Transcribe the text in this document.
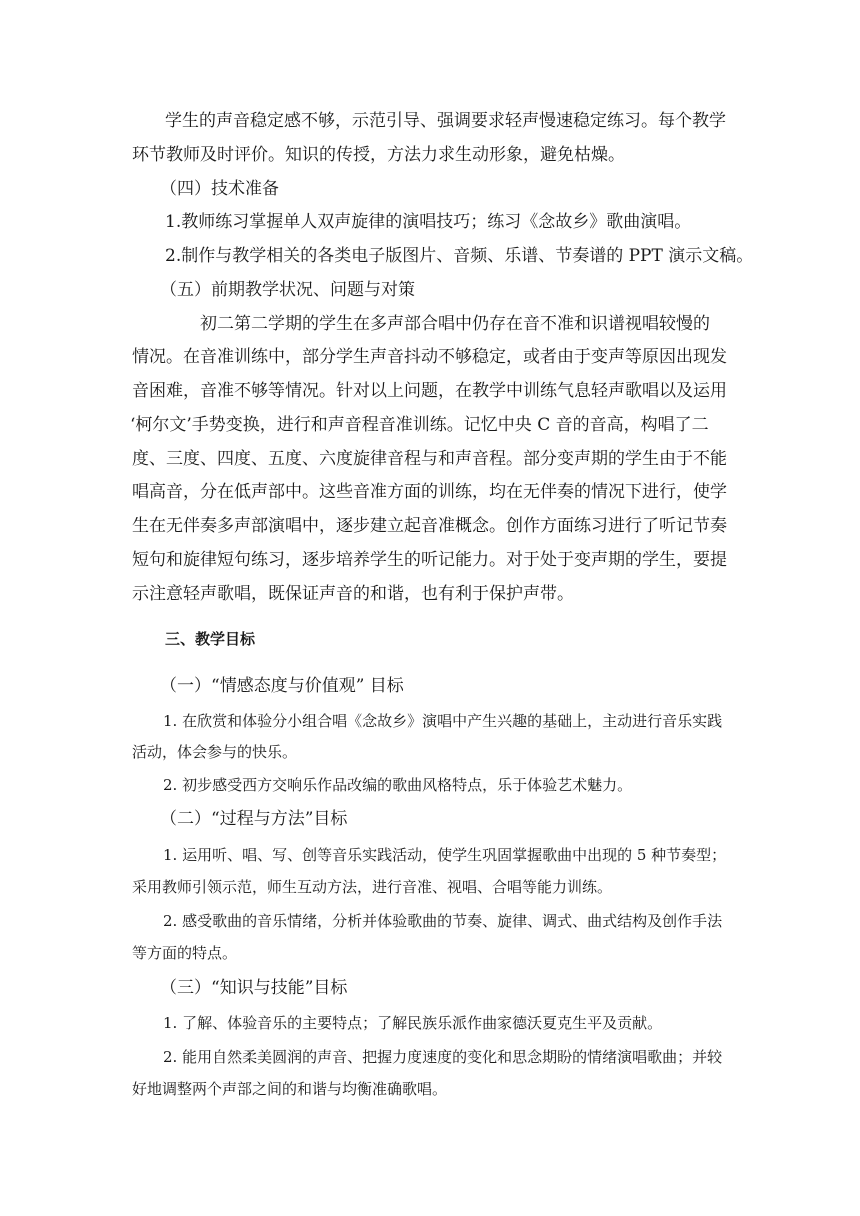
学生的声音稳定感不够，示范引导、强调要求轻声慢速稳定练习。每个教学
环节教师及时评价。知识的传授，方法力求生动形象，避免枯燥。
（四）技术准备
1.教师练习掌握单人双声旋律的演唱技巧；练习《念故乡》歌曲演唱。
2.制作与教学相关的各类电子版图片、音频、乐谱、节奏谱的 PPT 演示文稿。
（五）前期教学状况、问题与对策
初二第二学期的学生在多声部合唱中仍存在音不准和识谱视唱较慢的
情况。在音准训练中，部分学生声音抖动不够稳定，或者由于变声等原因出现发
音困难，音准不够等情况。针对以上问题，在教学中训练气息轻声歌唱以及运用
‘柯尔文’手势变换，进行和声音程音准训练。记忆中央 C 音的音高，构唱了二
度、三度、四度、五度、六度旋律音程与和声音程。部分变声期的学生由于不能
唱高音，分在低声部中。这些音准方面的训练，均在无伴奏的情况下进行，使学
生在无伴奏多声部演唱中，逐步建立起音准概念。创作方面练习进行了听记节奏
短句和旋律短句练习，逐步培养学生的听记能力。对于处于变声期的学生，要提
示注意轻声歌唱，既保证声音的和谐，也有利于保护声带。
三、教学目标
（一）“情感态度与价值观” 目标
1. 在欣赏和体验分小组合唱《念故乡》演唱中产生兴趣的基础上，主动进行音乐实践
活动，体会参与的快乐。
2. 初步感受西方交响乐作品改编的歌曲风格特点，乐于体验艺术魅力。
（二）“过程与方法”目标
1. 运用听、唱、写、创等音乐实践活动，使学生巩固掌握歌曲中出现的 5 种节奏型；
采用教师引领示范，师生互动方法，进行音准、视唱、合唱等能力训练。
2. 感受歌曲的音乐情绪，分析并体验歌曲的节奏、旋律、调式、曲式结构及创作手法
等方面的特点。
（三）“知识与技能”目标
1. 了解、体验音乐的主要特点；了解民族乐派作曲家德沃夏克生平及贡献。
2. 能用自然柔美圆润的声音、把握力度速度的变化和思念期盼的情绪演唱歌曲；并较
好地调整两个声部之间的和谐与均衡准确歌唱。
